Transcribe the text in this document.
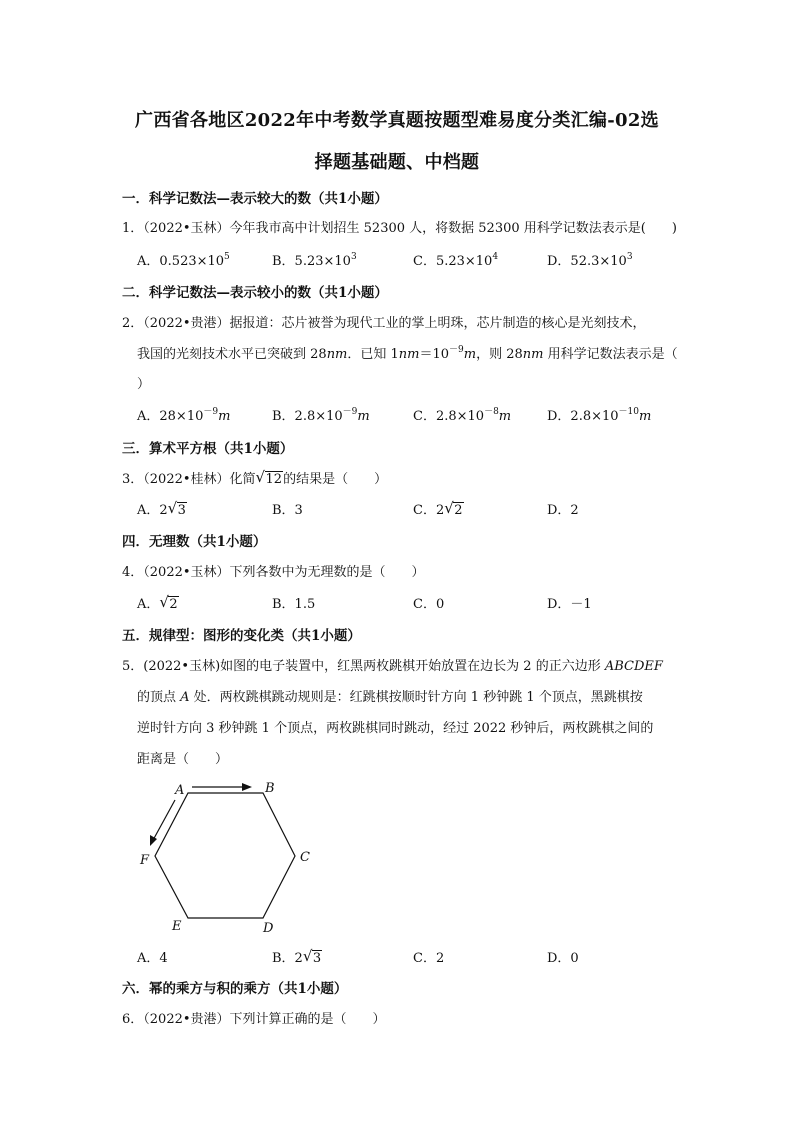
广西省各地区2022年中考数学真题按题型难易度分类汇编-02选
择题基础题、中档题
一．科学记数法—表示较大的数（共1小题）
1．（2022•玉林）今年我市高中计划招生 52300 人，将数据 52300 用科学记数法表示是(　　)
A．$0.523\times 10^5$	B．$5.23\times 10^3$	C．$5.23\times 10^4$	D．$52.3\times 10^3$
二．科学记数法—表示较小的数（共1小题）
2．（2022•贵港）据报道：芯片被誉为现代工业的掌上明珠，芯片制造的核心是光刻技术，
我国的光刻技术水平已突破到 28nm．已知 $1nm=10^{-9}m$，则 28nm 用科学记数法表示是（
）
A．$28\times 10^{-9}m$	B．$2.8\times 10^{-9}m$	C．$2.8\times 10^{-8}m$	D．$2.8\times 10^{-10}m$
三．算术平方根（共1小题）
3．（2022•桂林）化简 √ 12的结果是（　　）
A．2 √ 3	B．3	C．2 √ 2	D．2
四．无理数（共1小题）
4．（2022•玉林）下列各数中为无理数的是（　　）
A． √ 2	B．1.5	C．0	D．－1
五．规律型：图形的变化类（共1小题）
5．(2022•玉林)如图的电子装置中，红黑两枚跳棋开始放置在边长为 2 的正六边形 ABCDEF
的顶点 A 处．两枚跳棋跳动规则是：红跳棋按顺时针方向 1 秒钟跳 1 个顶点，黑跳棋按
逆时针方向 3 秒钟跳 1 个顶点，两枚跳棋同时跳动，经过 2022 秒钟后，两枚跳棋之间的
距离是（　　）
A	B
C
D
E
F
A．4	B．2 √ 3	C．2	D．0
六．幂的乘方与积的乘方（共1小题）
6．（2022•贵港）下列计算正确的是（　　）
